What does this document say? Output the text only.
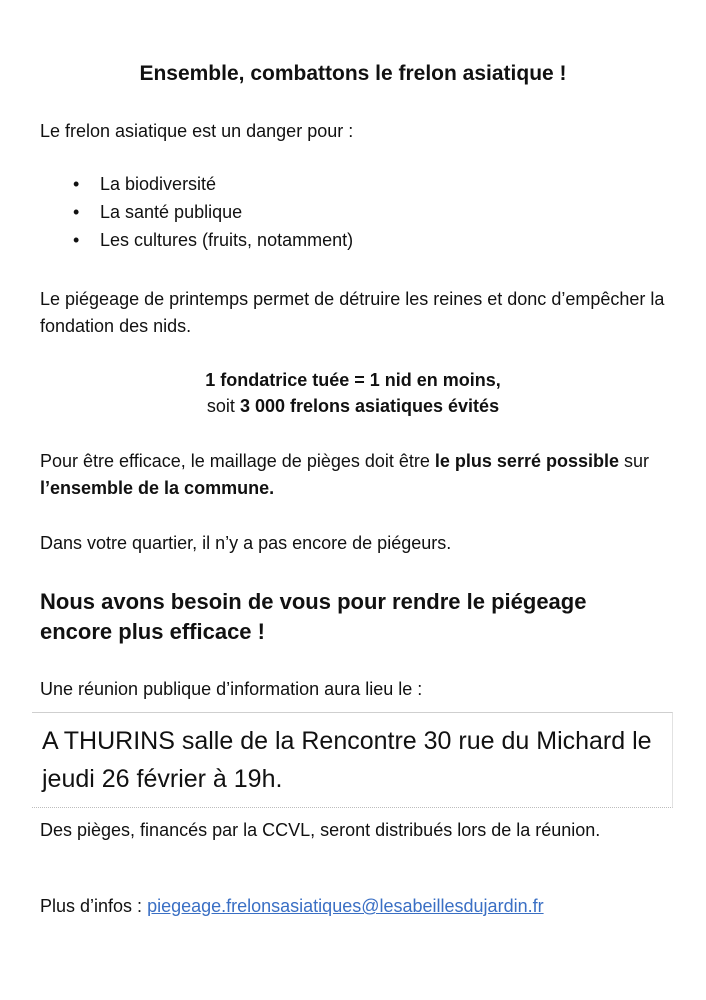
Ensemble, combattons le frelon asiatique !

Le frelon asiatique est un danger pour :

• La biodiversité
• La santé publique
• Les cultures (fruits, notamment)

Le piégeage de printemps permet de détruire les reines et donc d’empêcher la fondation des nids.

1 fondatrice tuée = 1 nid en moins,

soit 3 000 frelons asiatiques évités

Pour être efficace, le maillage de pièges doit être le plus serré possible sur l’ensemble de la commune.

Dans votre quartier, il n’y a pas encore de piégeurs.

Nous avons besoin de vous pour rendre le piégeage encore plus efficace !

Une réunion publique d’information aura lieu le :

A THURINS salle de la Rencontre 30 rue du Michard le jeudi 26 février à 19h.

Des pièges, financés par la CCVL, seront distribués lors de la réunion.

Plus d’infos : piegeage.frelonsasiatiques@lesabeillesdujardin.fr
